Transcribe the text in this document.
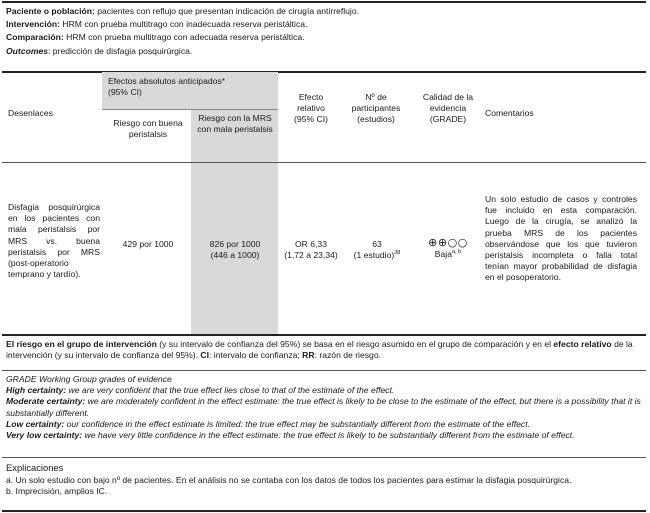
Paciente o población: pacientes con reflujo que presentan indicación de cirugía antirreflujo.
Intervención: HRM con prueba multitrago con inadecuada reserva peristáltica.
Comparación: HRM con prueba multitrago con adecuada reserva peristáltica.
Outcomes: predicción de disfagia posquirúrgica.
Desenlaces
Efectos absolutos anticipados*
(95% CI)
Riesgo con buena peristalsis
Riesgo con la MRS con mala peristalsis
Efecto relativo (95% CI)
Nº de participantes (estudios)
Calidad de la evidencia (GRADE)
Comentarios
Disfagia posquirúrgica en los pacientes con mala peristalsis por MRS vs. buena peristalsis por MRS (post-operatorio temprano y tardío).
429 por 1000	826 por 1000
(446 a 1000)
OR 6,33
(1,72 a 23,34)
63
(1 estudio)$^{38}$
⊕⊕○○
Baja$^{a, b}$
Un solo estudio de casos y controles fue incluido en esta comparación. Luego de la cirugía, se analizó la prueba MRS de los pacientes observándose que los que tuvieron peristalsis incompleta o falla total tenían mayor probabilidad de disfagia en el posoperatorio.
El riesgo en el grupo de intervención (y su intervalo de confianza del 95%) se basa en el riesgo asumido en el grupo de comparación y en el efecto relativo de la intervención (y su intervalo de confianza del 95%). CI: intervalo de confianza; RR: razón de riesgo.
GRADE Working Group grades of evidence
High certainty: we are very confident that the true effect lies close to that of the estimate of the effect.
Moderate certainty: we are moderately confident in the effect estimate: the true effect is likely to be close to the estimate of the effect, but there is a possibility that it is substantially different.
Low certainty: our confidence in the effect estimate is limited: the true effect may be substantially different from the estimate of the effect.
Very low certainty: we have very little confidence in the effect estimate: the true effect is likely to be substantially different from the estimate of effect.
Explicaciones
a. Un solo estudio con bajo nº de pacientes. En el análisis no se contaba con los datos de todos los pacientes para estimar la disfagia posquirúrgica.
b. Imprecisión, amplios IC.
